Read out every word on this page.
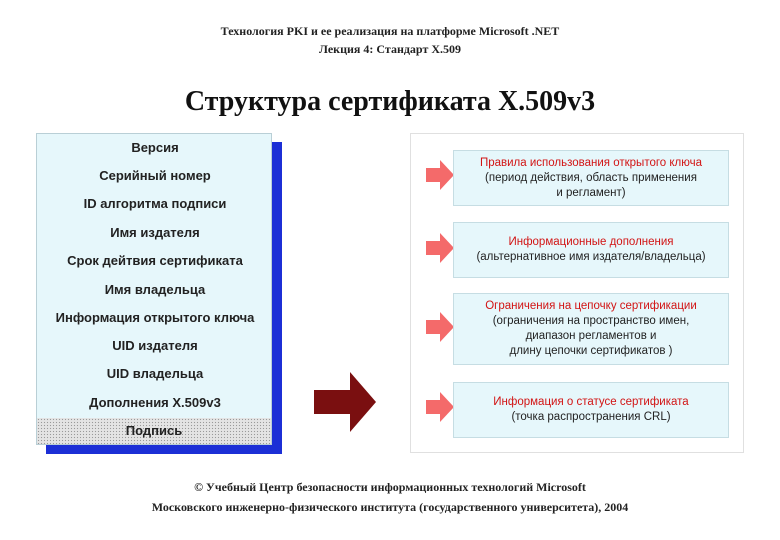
Технология PKI и ее реализация на платформе Microsoft .NET
Лекция 4: Стандарт X.509
Структура сертификата X.509v3
Версия
Серийный номер
ID алгоритма подписи
Имя издателя
Срок дейтвия сертификата
Имя владельца
Информация открытого ключа
UID издателя
UID владельца
Дополнения X.509v3
Подпись
Правила использования открытого ключа
(период действия, область применения
и регламент)
Информационные дополнения
(альтернативное имя издателя/владельца)
Ограничения на цепочку сертификации
(ограничения на пространство имен,
диапазон регламентов и
длину цепочки сертификатов )
Информация о статусе сертификата
(точка распространения CRL)
© Учебный Центр безопасности информационных технологий Microsoft
Московского инженерно-физического института (государственного университета), 2004
